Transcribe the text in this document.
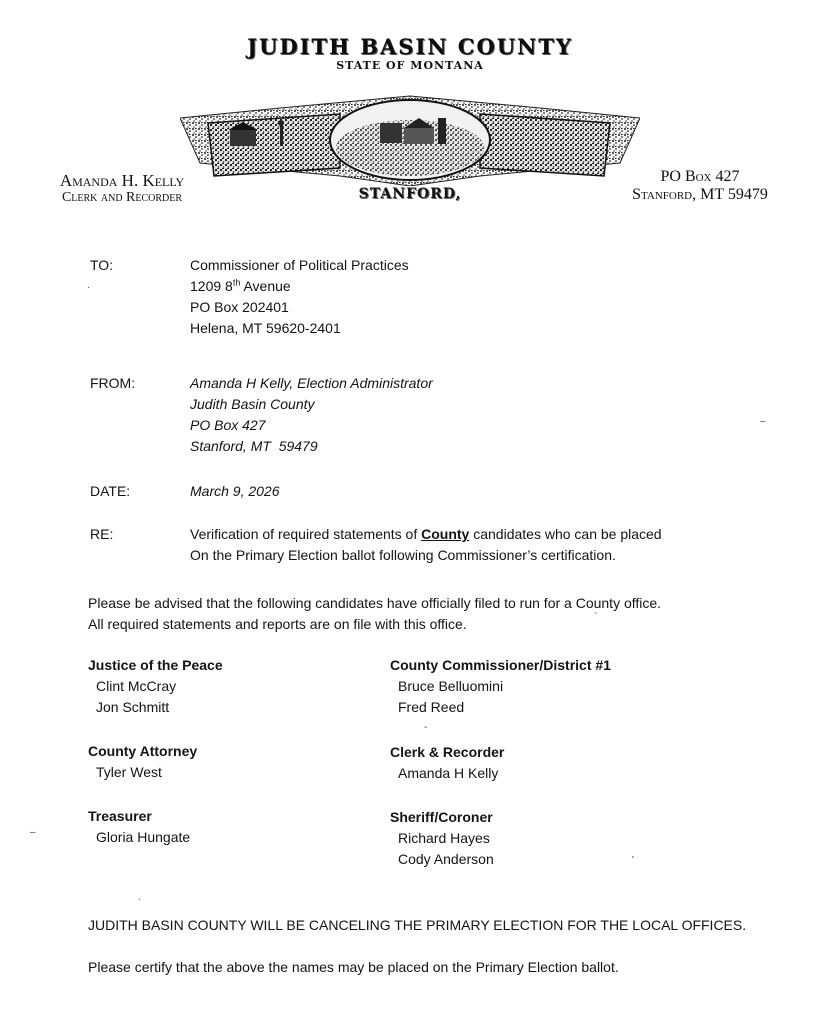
JUDITH BASIN COUNTY
STATE OF MONTANA
STANFORD,
Amanda H. Kelly
Clerk and Recorder
PO Box 427
Stanford, MT 59479
TO:	Commissioner of Political Practices
1209 8th Avenue
PO Box 202401
Helena, MT 59620-2401
FROM:	Amanda H Kelly, Election Administrator
Judith Basin County
PO Box 427
Stanford, MT  59479
DATE:	March 9, 2026
RE:	Verification of required statements of County candidates who can be placed
On the Primary Election ballot following Commissioner’s certification.
Please be advised that the following candidates have officially filed to run for a County office.
All required statements and reports are on file with this office.
Justice of the Peace
Clint McCray
Jon Schmitt
County Attorney
Tyler West
Treasurer
Gloria Hungate
County Commissioner/District #1
Bruce Belluomini
Fred Reed
Clerk & Recorder
Amanda H Kelly
Sheriff/Coroner
Richard Hayes
Cody Anderson
JUDITH BASIN COUNTY WILL BE CANCELING THE PRIMARY ELECTION FOR THE LOCAL OFFICES.
Please certify that the above the names may be placed on the Primary Election ballot.
·
–
`
–
'
-
`
